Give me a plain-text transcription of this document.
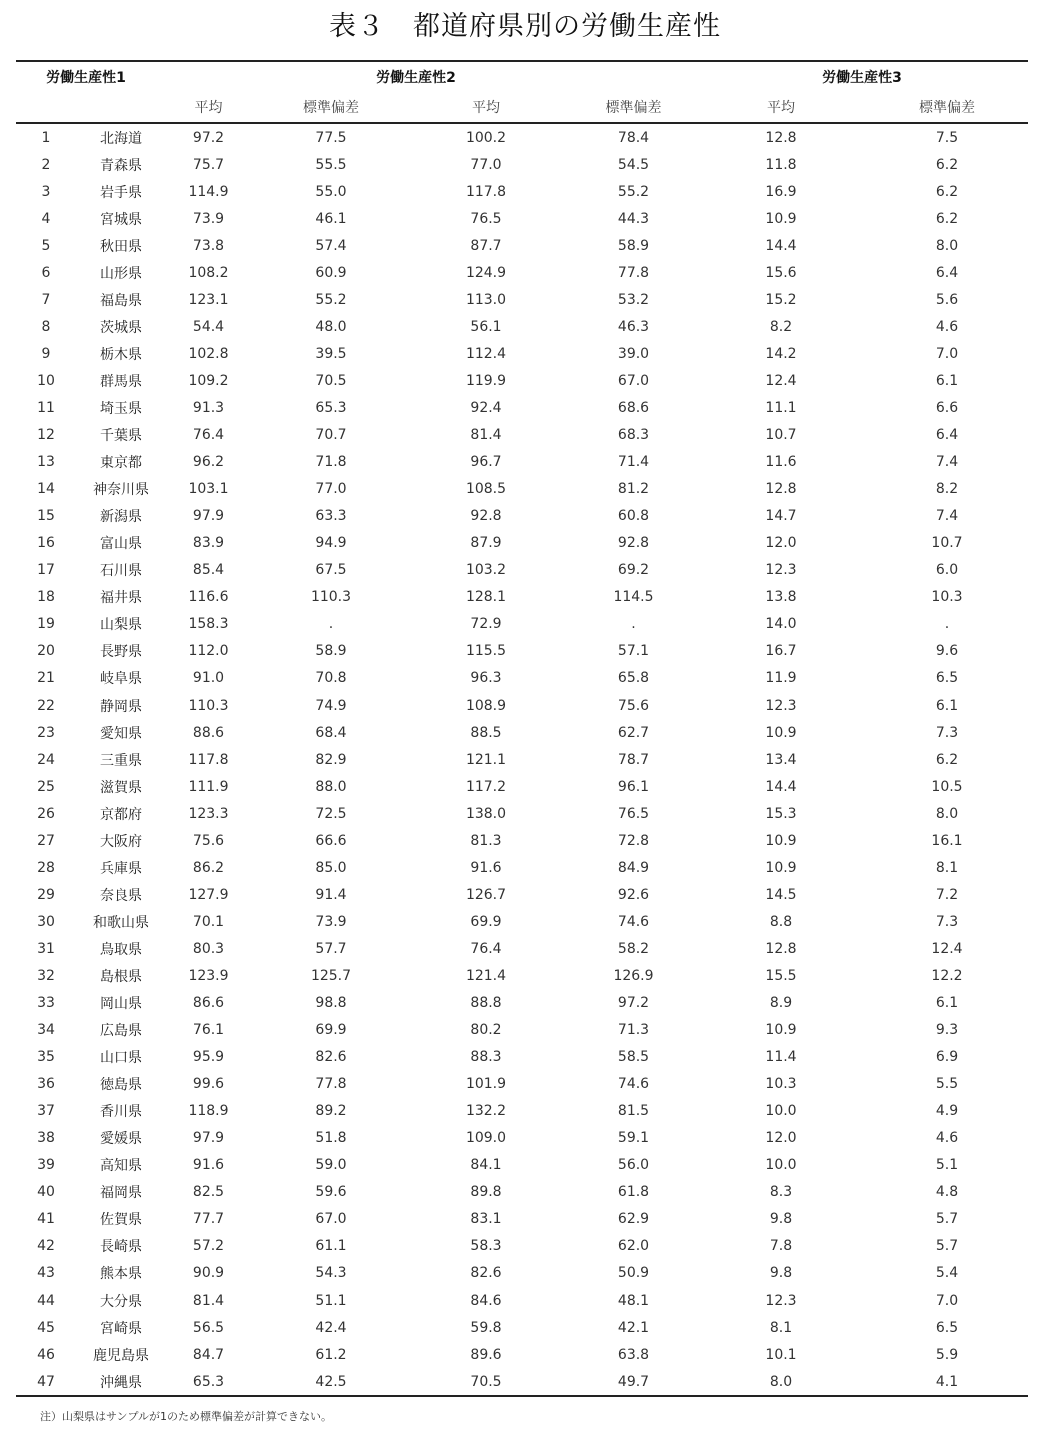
表３　都道府県別の労働生産性
労働生産性1			労働生産性2			労働生産性3	
		平均	標準偏差	平均	標準偏差	平均	標準偏差
1	北海道	97.2	77.5	100.2	78.4	12.8	7.5
2	青森県	75.7	55.5	77.0	54.5	11.8	6.2
3	岩手県	114.9	55.0	117.8	55.2	16.9	6.2
4	宮城県	73.9	46.1	76.5	44.3	10.9	6.2
5	秋田県	73.8	57.4	87.7	58.9	14.4	8.0
6	山形県	108.2	60.9	124.9	77.8	15.6	6.4
7	福島県	123.1	55.2	113.0	53.2	15.2	5.6
8	茨城県	54.4	48.0	56.1	46.3	8.2	4.6
9	栃木県	102.8	39.5	112.4	39.0	14.2	7.0
10	群馬県	109.2	70.5	119.9	67.0	12.4	6.1
11	埼玉県	91.3	65.3	92.4	68.6	11.1	6.6
12	千葉県	76.4	70.7	81.4	68.3	10.7	6.4
13	東京都	96.2	71.8	96.7	71.4	11.6	7.4
14	神奈川県	103.1	77.0	108.5	81.2	12.8	8.2
15	新潟県	97.9	63.3	92.8	60.8	14.7	7.4
16	富山県	83.9	94.9	87.9	92.8	12.0	10.7
17	石川県	85.4	67.5	103.2	69.2	12.3	6.0
18	福井県	116.6	110.3	128.1	114.5	13.8	10.3
19	山梨県	158.3	.	72.9	.	14.0	.
20	長野県	112.0	58.9	115.5	57.1	16.7	9.6
21	岐阜県	91.0	70.8	96.3	65.8	11.9	6.5
22	静岡県	110.3	74.9	108.9	75.6	12.3	6.1
23	愛知県	88.6	68.4	88.5	62.7	10.9	7.3
24	三重県	117.8	82.9	121.1	78.7	13.4	6.2
25	滋賀県	111.9	88.0	117.2	96.1	14.4	10.5
26	京都府	123.3	72.5	138.0	76.5	15.3	8.0
27	大阪府	75.6	66.6	81.3	72.8	10.9	16.1
28	兵庫県	86.2	85.0	91.6	84.9	10.9	8.1
29	奈良県	127.9	91.4	126.7	92.6	14.5	7.2
30	和歌山県	70.1	73.9	69.9	74.6	8.8	7.3
31	鳥取県	80.3	57.7	76.4	58.2	12.8	12.4
32	島根県	123.9	125.7	121.4	126.9	15.5	12.2
33	岡山県	86.6	98.8	88.8	97.2	8.9	6.1
34	広島県	76.1	69.9	80.2	71.3	10.9	9.3
35	山口県	95.9	82.6	88.3	58.5	11.4	6.9
36	徳島県	99.6	77.8	101.9	74.6	10.3	5.5
37	香川県	118.9	89.2	132.2	81.5	10.0	4.9
38	愛媛県	97.9	51.8	109.0	59.1	12.0	4.6
39	高知県	91.6	59.0	84.1	56.0	10.0	5.1
40	福岡県	82.5	59.6	89.8	61.8	8.3	4.8
41	佐賀県	77.7	67.0	83.1	62.9	9.8	5.7
42	長崎県	57.2	61.1	58.3	62.0	7.8	5.7
43	熊本県	90.9	54.3	82.6	50.9	9.8	5.4
44	大分県	81.4	51.1	84.6	48.1	12.3	7.0
45	宮崎県	56.5	42.4	59.8	42.1	8.1	6.5
46	鹿児島県	84.7	61.2	89.6	63.8	10.1	5.9
47	沖縄県	65.3	42.5	70.5	49.7	8.0	4.1
注）山梨県はサンプルが1のため標準偏差が計算できない。
